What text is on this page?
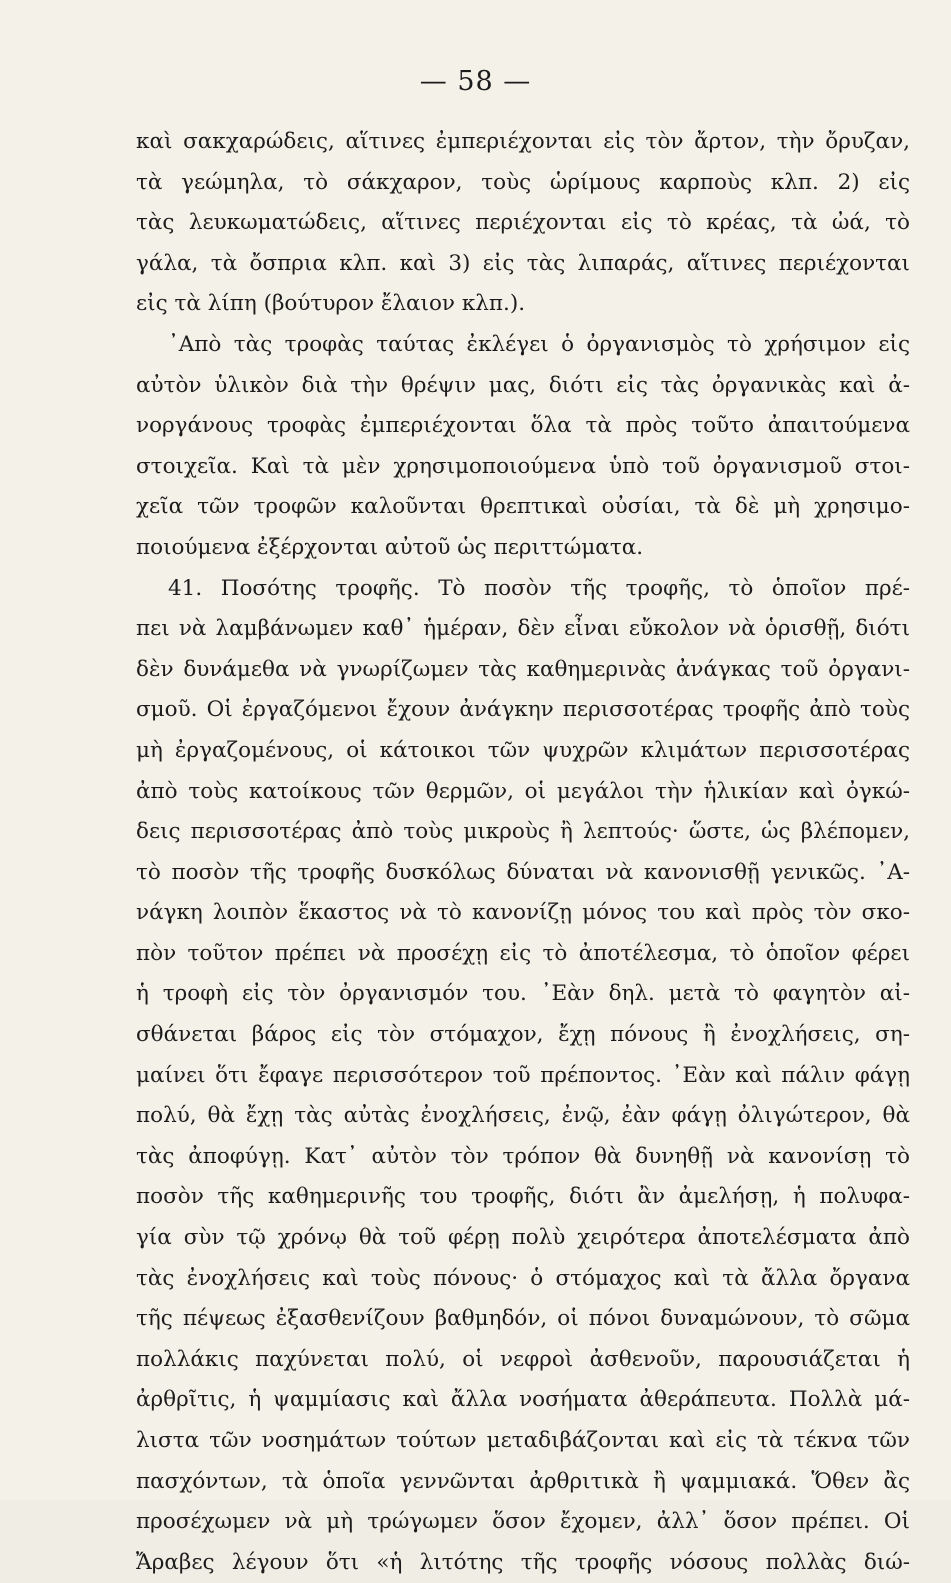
— 58 —
καὶ σακχαρώδεις, αἵτινες ἐμπεριέχονται εἰς τὸν ἄρτον, τὴν ὄρυζαν,
τὰ γεώμηλα, τὸ σάκχαρον, τοὺς ὡρίμους καρποὺς κλπ. 2) εἰς
τὰς λευκωματώδεις, αἵτινες περιέχονται εἰς τὸ κρέας, τὰ ὠά, τὸ
γάλα, τὰ ὄσπρια κλπ. καὶ 3) εἰς τὰς λιπαράς, αἵτινες περιέχονται
εἰς τὰ λίπη (βούτυρον ἔλαιον κλπ.).
᾿Απὸ τὰς τροφὰς ταύτας ἐκλέγει ὁ ὀργανισμὸς τὸ χρήσιμον εἰς
αὐτὸν ὑλικὸν διὰ τὴν θρέψιν μας, διότι εἰς τὰς ὀργανικὰς καὶ ἀ-
νοργάνους τροφὰς ἐμπεριέχονται ὅλα τὰ πρὸς τοῦτο ἀπαιτούμενα
στοιχεῖα. Καὶ τὰ μὲν χρησιμοποιούμενα ὑπὸ τοῦ ὀργανισμοῦ στοι-
χεῖα τῶν τροφῶν καλοῦνται θρεπτικαὶ οὐσίαι, τὰ δὲ μὴ χρησιμο-
ποιούμενα ἐξέρχονται αὐτοῦ ὡς περιττώματα.
41. Ποσότης τροφῆς. Τὸ ποσὸν τῆς τροφῆς, τὸ ὁποῖον πρέ-
πει νὰ λαμβάνωμεν καθ᾿ ἡμέραν, δὲν εἶναι εὔκολον νὰ ὁρισθῇ, διότι
δὲν δυνάμεθα νὰ γνωρίζωμεν τὰς καθημερινὰς ἀνάγκας τοῦ ὀργανι-
σμοῦ. Οἱ ἐργαζόμενοι ἔχουν ἀνάγκην περισσοτέρας τροφῆς ἀπὸ τοὺς
μὴ ἐργαζομένους, οἱ κάτοικοι τῶν ψυχρῶν κλιμάτων περισσοτέρας
ἀπὸ τοὺς κατοίκους τῶν θερμῶν, οἱ μεγάλοι τὴν ἡλικίαν καὶ ὀγκώ-
δεις περισσοτέρας ἀπὸ τοὺς μικροὺς ἢ λεπτούς· ὥστε, ὡς βλέπομεν,
τὸ ποσὸν τῆς τροφῆς δυσκόλως δύναται νὰ κανονισθῇ γενικῶς. ᾿Α-
νάγκη λοιπὸν ἕκαστος νὰ τὸ κανονίζῃ μόνος του καὶ πρὸς τὸν σκο-
πὸν τοῦτον πρέπει νὰ προσέχῃ εἰς τὸ ἀποτέλεσμα, τὸ ὁποῖον φέρει
ἡ τροφὴ εἰς τὸν ὀργανισμόν του. ᾿Εὰν δηλ. μετὰ τὸ φαγητὸν αἰ-
σθάνεται βάρος εἰς τὸν στόμαχον, ἔχῃ πόνους ἢ ἐνοχλήσεις, ση-
μαίνει ὅτι ἔφαγε περισσότερον τοῦ πρέποντος. ᾿Εὰν καὶ πάλιν φάγῃ
πολύ, θὰ ἔχῃ τὰς αὐτὰς ἐνοχλήσεις, ἐνῷ, ἐὰν φάγῃ ὀλιγώτερον, θὰ
τὰς ἀποφύγῃ. Κατ᾿ αὐτὸν τὸν τρόπον θὰ δυνηθῇ νὰ κανονίσῃ τὸ
ποσὸν τῆς καθημερινῆς του τροφῆς, διότι ἂν ἀμελήσῃ, ἡ πολυφα-
γία σὺν τῷ χρόνῳ θὰ τοῦ φέρῃ πολὺ χειρότερα ἀποτελέσματα ἀπὸ
τὰς ἐνοχλήσεις καὶ τοὺς πόνους· ὁ στόμαχος καὶ τὰ ἄλλα ὄργανα
τῆς πέψεως ἐξασθενίζουν βαθμηδόν, οἱ πόνοι δυναμώνουν, τὸ σῶμα
πολλάκις παχύνεται πολύ, οἱ νεφροὶ ἀσθενοῦν, παρουσιάζεται ἡ
ἀρθρῖτις, ἡ ψαμμίασις καὶ ἄλλα νοσήματα ἀθεράπευτα. Πολλὰ μά-
λιστα τῶν νοσημάτων τούτων μεταδιβάζονται καὶ εἰς τὰ τέκνα τῶν
πασχόντων, τὰ ὁποῖα γεννῶνται ἀρθριτικὰ ἢ ψαμμιακά. Ὅθεν ἂς
προσέχωμεν νὰ μὴ τρώγωμεν ὅσον ἔχομεν, ἀλλ᾿ ὅσον πρέπει. Οἱ
Ἄραβες λέγουν ὅτι «ἡ λιτότης τῆς τροφῆς νόσους πολλὰς διώ-
